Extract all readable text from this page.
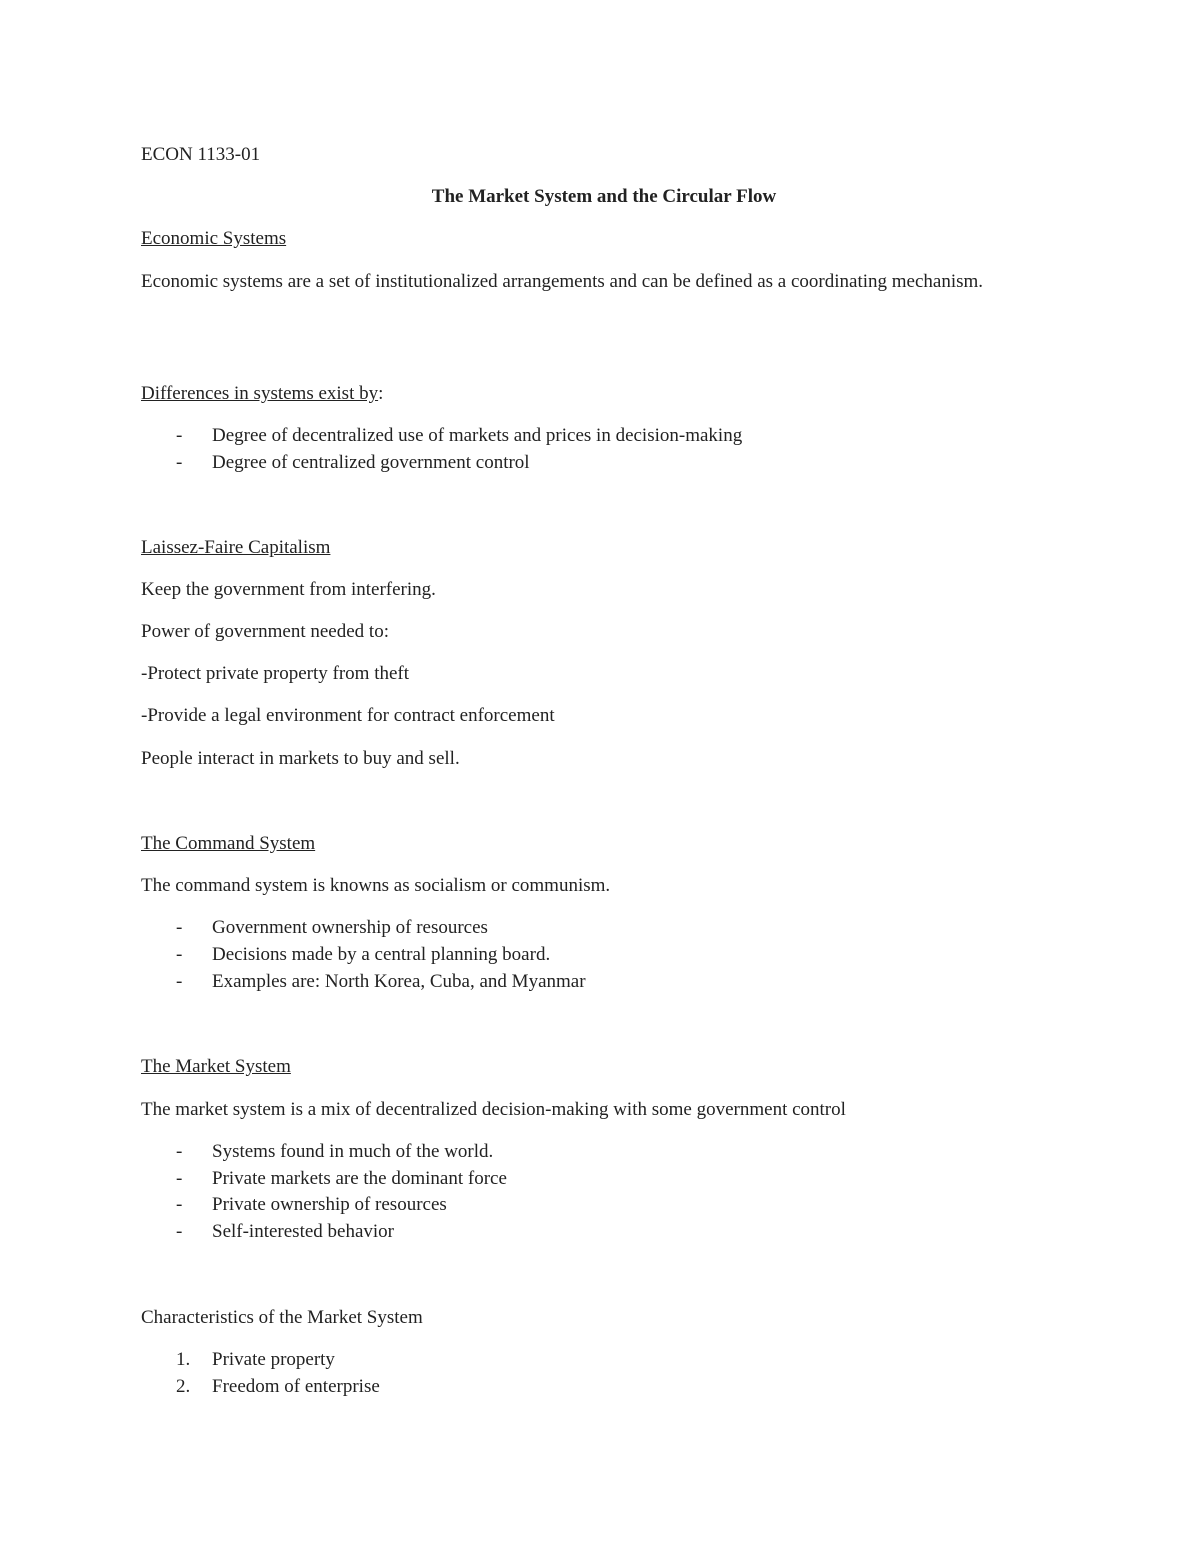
ECON 1133-01
The Market System and the Circular Flow
Economic Systems
Economic systems are a set of institutionalized arrangements and can be defined as a coordinating mechanism.
Differences in systems exist by:
- Degree of decentralized use of markets and prices in decision-making
- Degree of centralized government control
Laissez-Faire Capitalism
Keep the government from interfering.
Power of government needed to:
-Protect private property from theft
-Provide a legal environment for contract enforcement
People interact in markets to buy and sell.
The Command System
The command system is knowns as socialism or communism.
- Government ownership of resources
- Decisions made by a central planning board.
- Examples are: North Korea, Cuba, and Myanmar
The Market System
The market system is a mix of decentralized decision-making with some government control
- Systems found in much of the world.
- Private markets are the dominant force
- Private ownership of resources
- Self-interested behavior
Characteristics of the Market System
1. Private property
2. Freedom of enterprise
